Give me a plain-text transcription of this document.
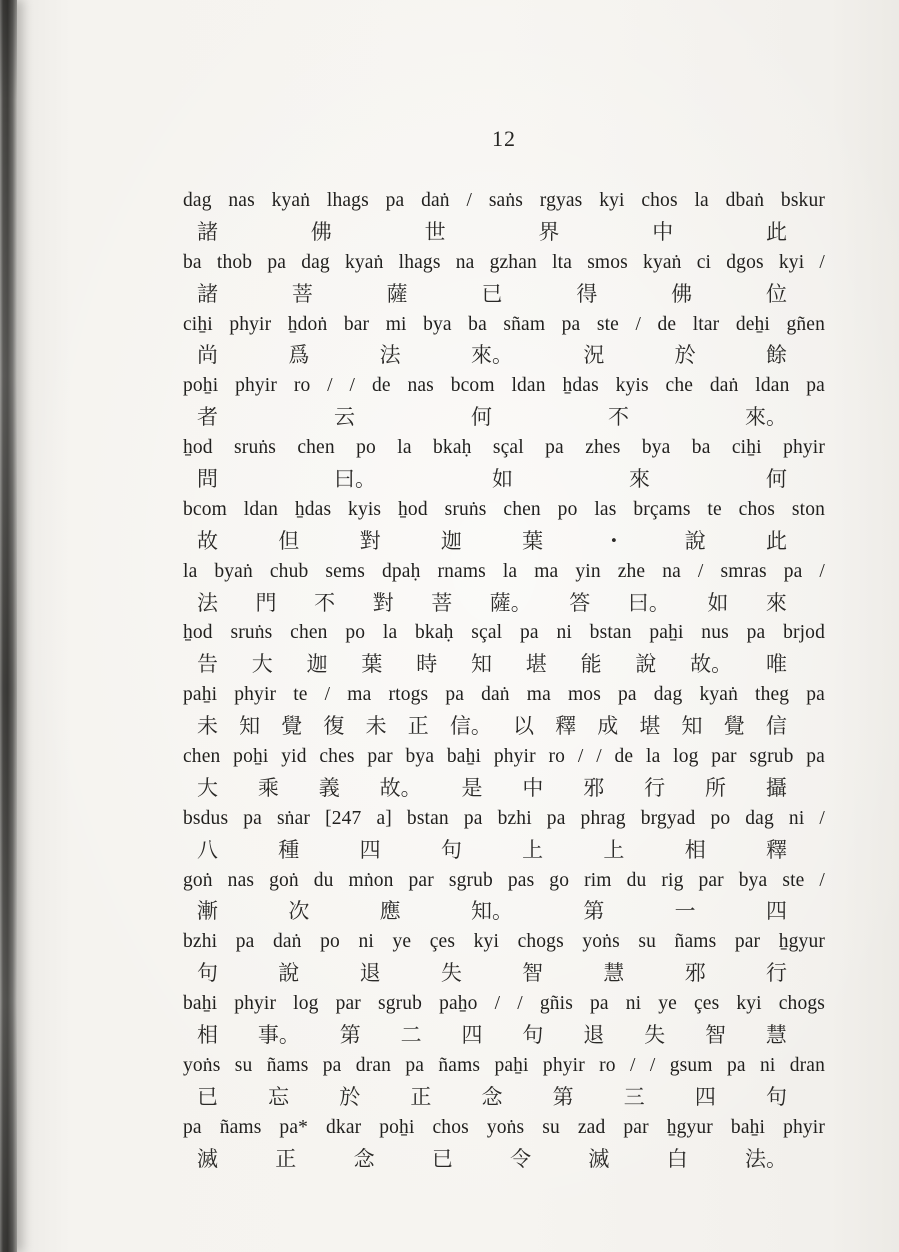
12
dag nas kyaṅ lhags pa daṅ / saṅs rgyas kyi chos la dbaṅ bskur
諸	佛	世	界	中	此
ba thob pa dag kyaṅ lhags na gzhan lta smos kyaṅ ci dgos kyi /
諸	菩	薩	已	得	佛	位
ciẖi phyir ẖdoṅ bar mi bya ba sñam pa ste / de ltar deẖi gñen
尚	爲	法	來。	況	於	餘
poẖi phyir ro / / de nas bcom ldan ẖdas kyis che daṅ ldan pa
者	云	何	不	來。
ẖod sruṅs chen po la bkaḥ sçal pa zhes bya ba ciẖi phyir
問	曰。	如	來	何
bcom ldan ẖdas kyis ẖod sruṅs chen po las brçams te chos ston
故	但	對	迦	葉	・	說	此
la byaṅ chub sems dpaḥ rnams la ma yin zhe na / smras pa /
法 門 不 對 菩 薩。 答 曰。 如 來
ẖod sruṅs chen po la bkaḥ sçal pa ni bstan paẖi nus pa brjod
告 大 迦 葉 時 知 堪 能 說 故。 唯
paẖi phyir te / ma rtogs pa daṅ ma mos pa dag kyaṅ theg pa
未 知 覺 復 未 正 信。 以 釋 成 堪 知 覺 信
chen poẖi yid ches par bya baẖi phyir ro / / de la log par sgrub pa
大 乘 義 故。 是 中 邪 行 所 攝
bsdus pa sṅar [247 a] bstan pa bzhi pa phrag brgyad po dag ni /
八	種	四	句	上	上	相	釋
goṅ nas goṅ du mṅon par sgrub pas go rim du rig par bya ste /
漸	次	應	知。	第	一	四
bzhi pa daṅ po ni ye çes kyi chogs yoṅs su ñams par ẖgyur
句	說	退	失	智	慧	邪	行
baẖi phyir log par sgrub paẖo / / gñis pa ni ye çes kyi chogs
相 事。 第 二 四 句 退 失 智 慧
yoṅs su ñams pa dran pa ñams paẖi phyir ro / / gsum pa ni dran
已 忘 於 正 念 第 三 四 句
pa ñams pa* dkar poẖi chos yoṅs su zad par ẖgyur baẖi phyir
滅	正	念	已	令	滅	白	法。
